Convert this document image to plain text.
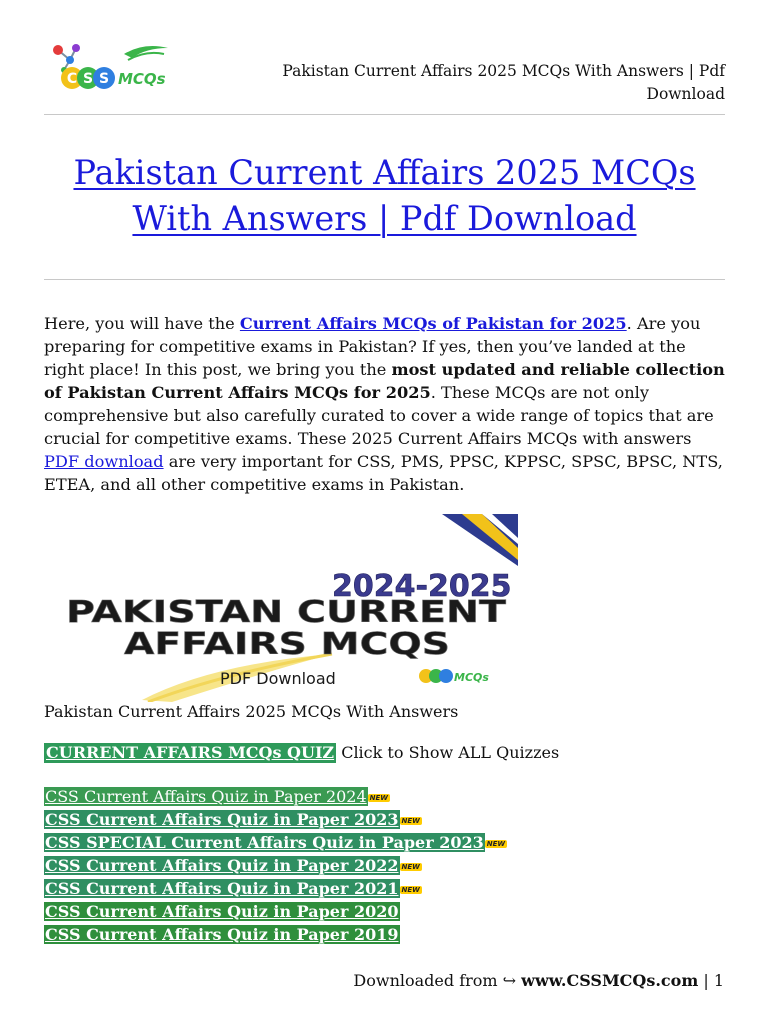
C S S MCQs	Pakistan Current Affairs 2025 MCQs With Answers | Pdf Download
Pakistan Current Affairs 2025 MCQs With Answers | Pdf Download

Here, you will have the Current Affairs MCQs of Pakistan for 2025. Are you preparing for competitive exams in Pakistan? If yes, then you’ve landed at the right place! In this post, we bring you the most updated and reliable collection of Pakistan Current Affairs MCQs for 2025. These MCQs are not only comprehensive but also carefully curated to cover a wide range of topics that are crucial for competitive exams. These 2025 Current Affairs MCQs with answers PDF download are very important for CSS, PMS, PPSC, KPPSC, SPSC, BPSC, NTS, ETEA, and all other competitive exams in Pakistan.

2024-2025
PAKISTAN CURRENT
AFFAIRS MCQS
PDF Download	MCQs
Pakistan Current Affairs 2025 MCQs With Answers
CURRENT AFFAIRS MCQs QUIZ Click to Show ALL Quizzes
CSS Current Affairs Quiz in Paper 2024 NEW
CSS Current Affairs Quiz in Paper 2023 NEW
CSS SPECIAL Current Affairs Quiz in Paper 2023 NEW
CSS Current Affairs Quiz in Paper 2022 NEW
CSS Current Affairs Quiz in Paper 2021 NEW
CSS Current Affairs Quiz in Paper 2020
CSS Current Affairs Quiz in Paper 2019
Downloaded from ↪ www.CSSMCQs.com | 1
